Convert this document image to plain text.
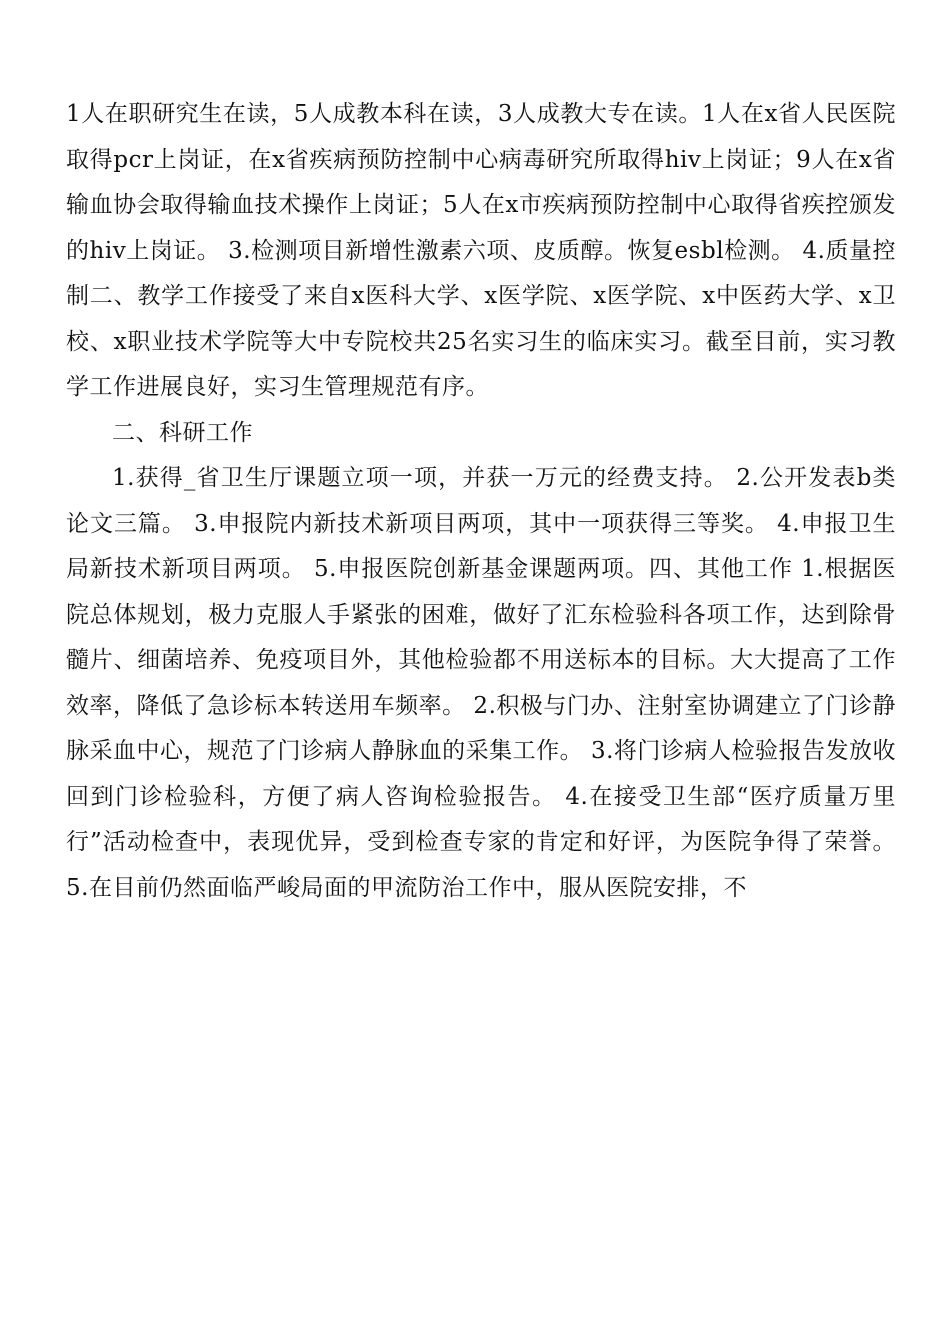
1人在职研究生在读，5人成教本科在读，3人成教大专在读。1人在x省人民医院取得pcr上岗证，在x省疾病预防控制中心病毒研究所取得hiv上岗证；9人在x省输血协会取得输血技术操作上岗证；5人在x市疾病预防控制中心取得省疾控颁发的hiv上岗证。 3.检测项目新增性激素六项、皮质醇。恢复esbl检测。 4.质量控制二、教学工作接受了来自x医科大学、x医学院、x医学院、x中医药大学、x卫校、x职业技术学院等大中专院校共25名实习生的临床实习。截至目前，实习教学工作进展良好，实习生管理规范有序。

二、科研工作

1.获得_省卫生厅课题立项一项，并获一万元的经费支持。 2.公开发表b类论文三篇。 3.申报院内新技术新项目两项，其中一项获得三等奖。 4.申报卫生局新技术新项目两项。 5.申报医院创新基金课题两项。四、其他工作 1.根据医院总体规划，极力克服人手紧张的困难，做好了汇东检验科各项工作，达到除骨髓片、细菌培养、免疫项目外，其他检验都不用送标本的目标。大大提高了工作效率，降低了急诊标本转送用车频率。 2.积极与门办、注射室协调建立了门诊静脉采血中心，规范了门诊病人静脉血的采集工作。 3.将门诊病人检验报告发放收回到门诊检验科，方便了病人咨询检验报告。 4.在接受卫生部“医疗质量万里行”活动检查中，表现优异，受到检查专家的肯定和好评，为医院争得了荣誉。 5.在目前仍然面临严峻局面的甲流防治工作中，服从医院安排，不
